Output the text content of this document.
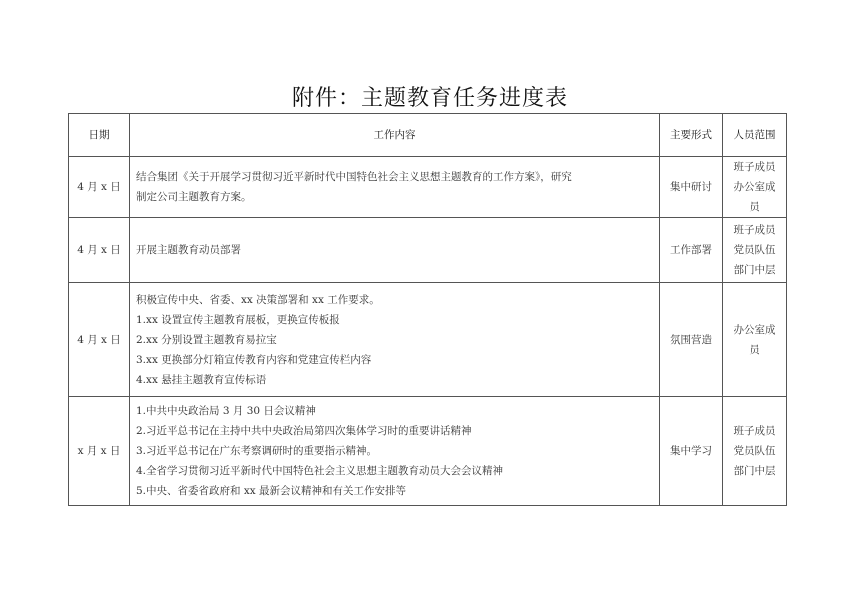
附件：主题教育任务进度表
日期	工作内容	主要形式	人员范围
4 月 x 日	结合集团《关于开展学习贯彻习近平新时代中国特色社会主义思想主题教育的工作方案》，研究
制定公司主题教育方案。	集中研讨	班子成员
办公室成
员

4 月 x 日	开展主题教育动员部署	工作部署	班子成员
党员队伍
部门中层

4 月 x 日	积极宣传中央、省委、xx 决策部署和 xx 工作要求。
1.xx 设置宣传主题教育展板，更换宣传板报
2.xx 分别设置主题教育易拉宝
3.xx 更换部分灯箱宣传教育内容和党建宣传栏内容
4.xx 悬挂主题教育宣传标语	氛围营造	办公室成
员

x 月 x 日	1.中共中央政治局 3 月 30 日会议精神
2.习近平总书记在主持中共中央政治局第四次集体学习时的重要讲话精神
3.习近平总书记在广东考察调研时的重要指示精神。
4.全省学习贯彻习近平新时代中国特色社会主义思想主题教育动员大会会议精神
5.中央、省委省政府和 xx 最新会议精神和有关工作安排等	集中学习	班子成员
党员队伍
部门中层
